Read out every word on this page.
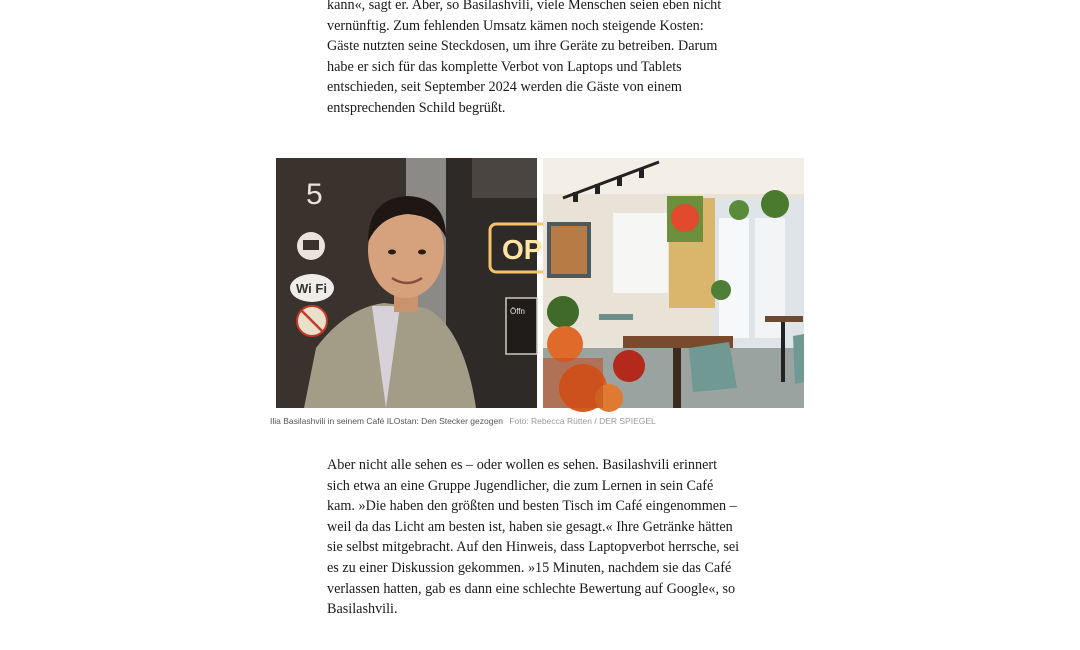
kann«, sagt er. Aber, so Basilashvili, viele Menschen seien eben nicht
vernünftig. Zum fehlenden Umsatz kämen noch steigende Kosten:
Gäste nutzten seine Steckdosen, um ihre Geräte zu betreiben. Darum
habe er sich für das komplette Verbot von Laptops und Tablets
entschieden, seit September 2024 werden die Gäste von einem
entsprechenden Schild begrüßt.
OP
Öffn
5
Wi Fi
Ilia Basilashvili in seinem Café ILOstan: Den Stecker gezogen Foto: Rebecca Rütten / DER SPIEGEL
Aber nicht alle sehen es – oder wollen es sehen. Basilashvili erinnert
sich etwa an eine Gruppe Jugendlicher, die zum Lernen in sein Café
kam. »Die haben den größten und besten Tisch im Café eingenommen –
weil da das Licht am besten ist, haben sie gesagt.« Ihre Getränke hätten
sie selbst mitgebracht. Auf den Hinweis, dass Laptopverbot herrsche, sei
es zu einer Diskussion gekommen. »15 Minuten, nachdem sie das Café
verlassen hatten, gab es dann eine schlechte Bewertung auf Google«, so
Basilashvili.
